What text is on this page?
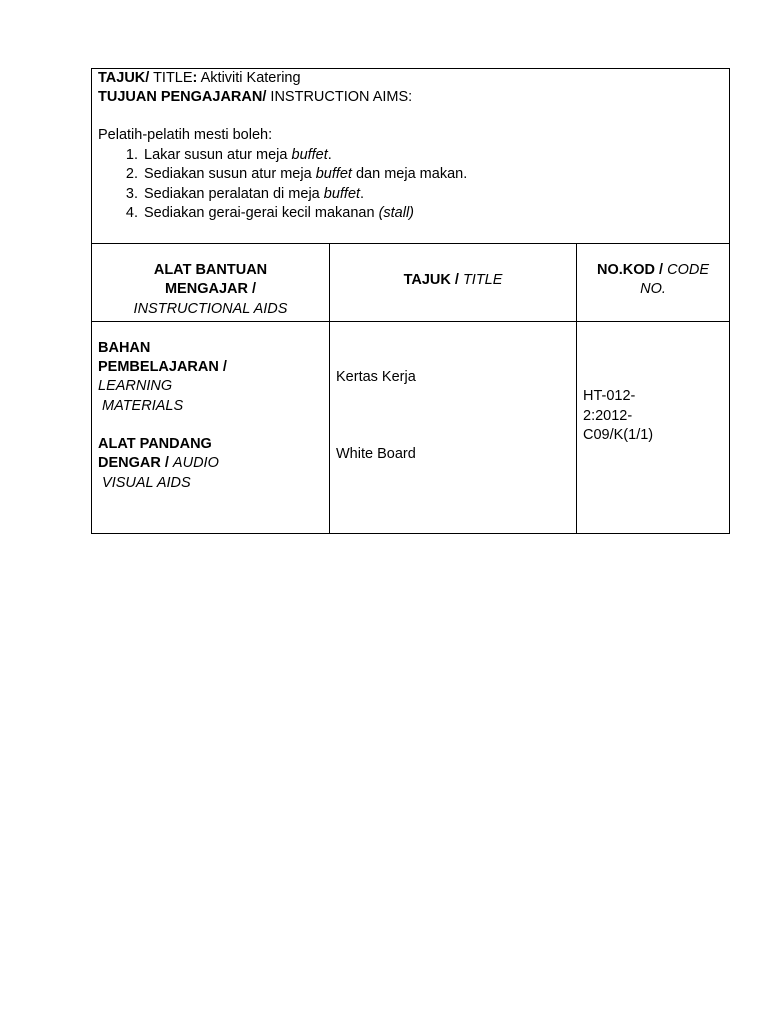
TAJUK/ TITLE: Aktiviti Katering
TUJUAN PENGAJARAN/ INSTRUCTION AIMS:
Pelatih-pelatih mesti boleh:
1. Lakar susun atur meja buffet.
2. Sediakan susun atur meja buffet dan meja makan.
3. Sediakan peralatan di meja buffet.
4. Sediakan gerai-gerai kecil makanan (stall)
ALAT BANTUAN
MENGAJAR /
INSTRUCTIONAL AIDS
TAJUK / TITLE
NO.KOD / CODE
NO.
BAHAN
PEMBELAJARAN /
LEARNING
MATERIALS
ALAT PANDANG
DENGAR / AUDIO
VISUAL AIDS
Kertas Kerja
White Board
HT-012-
2:2012-
C09/K(1/1)
